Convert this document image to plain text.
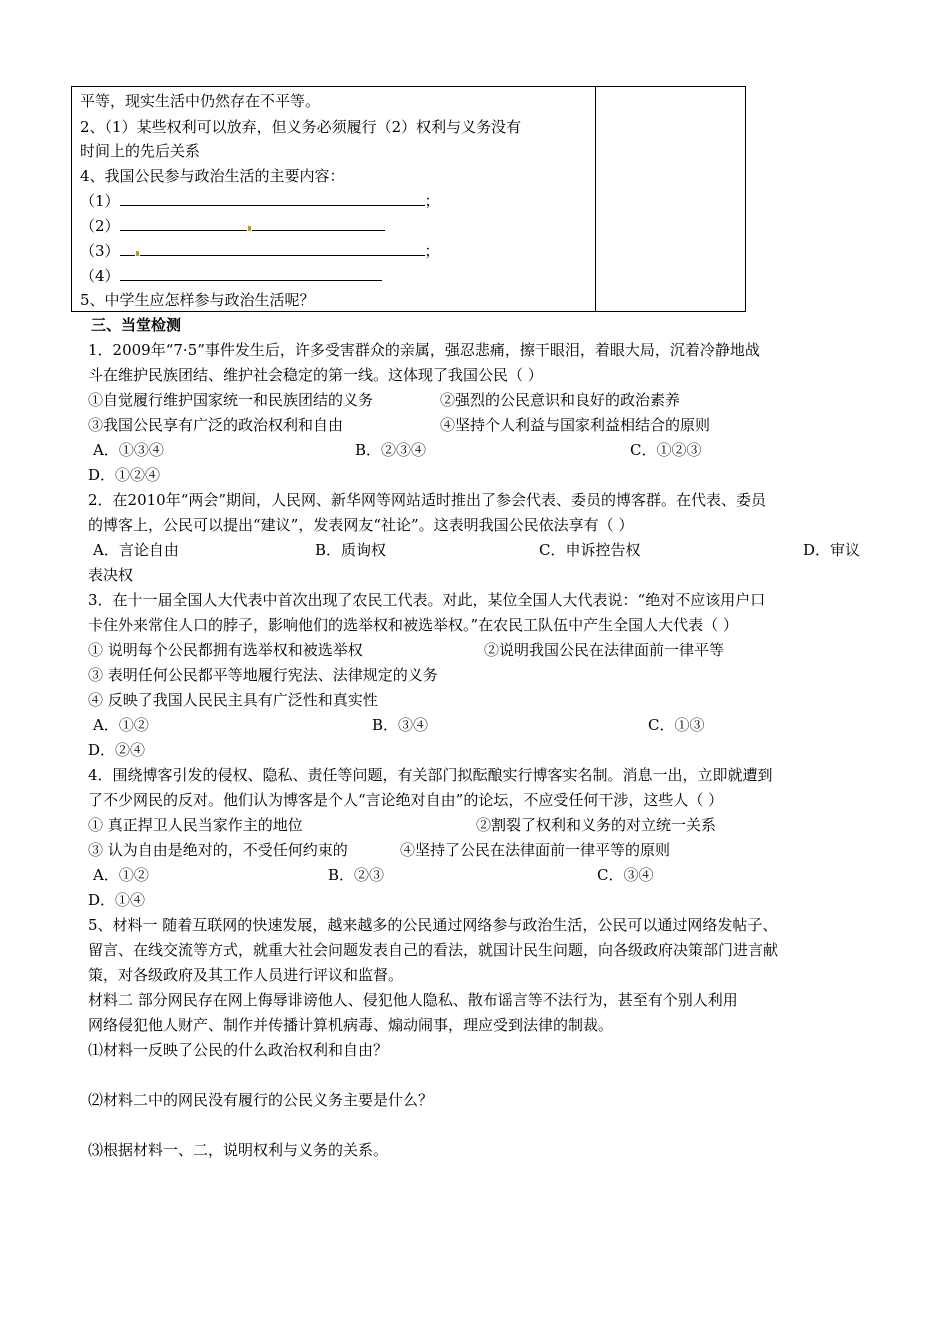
平等，现实生活中仍然存在不平等。
2、（1）某些权利可以放弃，但义务必须履行（2）权利与义务没有
时间上的先后关系
4、我国公民参与政治生活的主要内容：
（1）	；
（2）
（3）	；
（4）
5、中学生应怎样参与政治生活呢？
三、当堂检测
1．2009年“7·5”事件发生后，许多受害群众的亲属，强忍悲痛，擦干眼泪，着眼大局，沉着冷静地战
斗在维护民族团结、维护社会稳定的第一线。这体现了我国公民（ ）
①自觉履行维护国家统一和民族团结的义务	②强烈的公民意识和良好的政治素养
③我国公民享有广泛的政治权利和自由	④坚持个人利益与国家利益相结合的原则
A．①③④	B．②③④	C．①②③
D．①②④
2．在2010年“两会”期间，人民网、新华网等网站适时推出了参会代表、委员的博客群。在代表、委员
的博客上，公民可以提出“建议”，发表网友“社论”。这表明我国公民依法享有（ ）
A．言论自由	B．质询权	C．申诉控告权	D．审议
表决权
3．在十一届全国人大代表中首次出现了农民工代表。对此，某位全国人大代表说：“绝对不应该用户口
卡住外来常住人口的脖子，影响他们的选举权和被选举权。”在农民工队伍中产生全国人大代表（ ）
① 说明每个公民都拥有选举权和被选举权	②说明我国公民在法律面前一律平等
③ 表明任何公民都平等地履行宪法、法律规定的义务
④ 反映了我国人民民主具有广泛性和真实性
A．①②	B．③④	C．①③
D．②④
4．围绕博客引发的侵权、隐私、责任等问题，有关部门拟酝酿实行博客实名制。消息一出，立即就遭到
了不少网民的反对。他们认为博客是个人“言论绝对自由”的论坛，不应受任何干涉，这些人（ ）
① 真正捍卫人民当家作主的地位	②割裂了权利和义务的对立统一关系
③ 认为自由是绝对的，不受任何约束的	④坚持了公民在法律面前一律平等的原则
A．①②	B．②③	C．③④
D．①④
5、材料一 随着互联网的快速发展，越来越多的公民通过网络参与政治生活，公民可以通过网络发帖子、
留言、在线交流等方式，就重大社会问题发表自己的看法，就国计民生问题，向各级政府决策部门进言献
策，对各级政府及其工作人员进行评议和监督。
材料二 部分网民存在网上侮辱诽谤他人、侵犯他人隐私、散布谣言等不法行为，甚至有个别人利用
网络侵犯他人财产、制作并传播计算机病毒、煽动闹事，理应受到法律的制裁。
⑴材料一反映了公民的什么政治权利和自由？
⑵材料二中的网民没有履行的公民义务主要是什么？
⑶根据材料一、二，说明权利与义务的关系。
